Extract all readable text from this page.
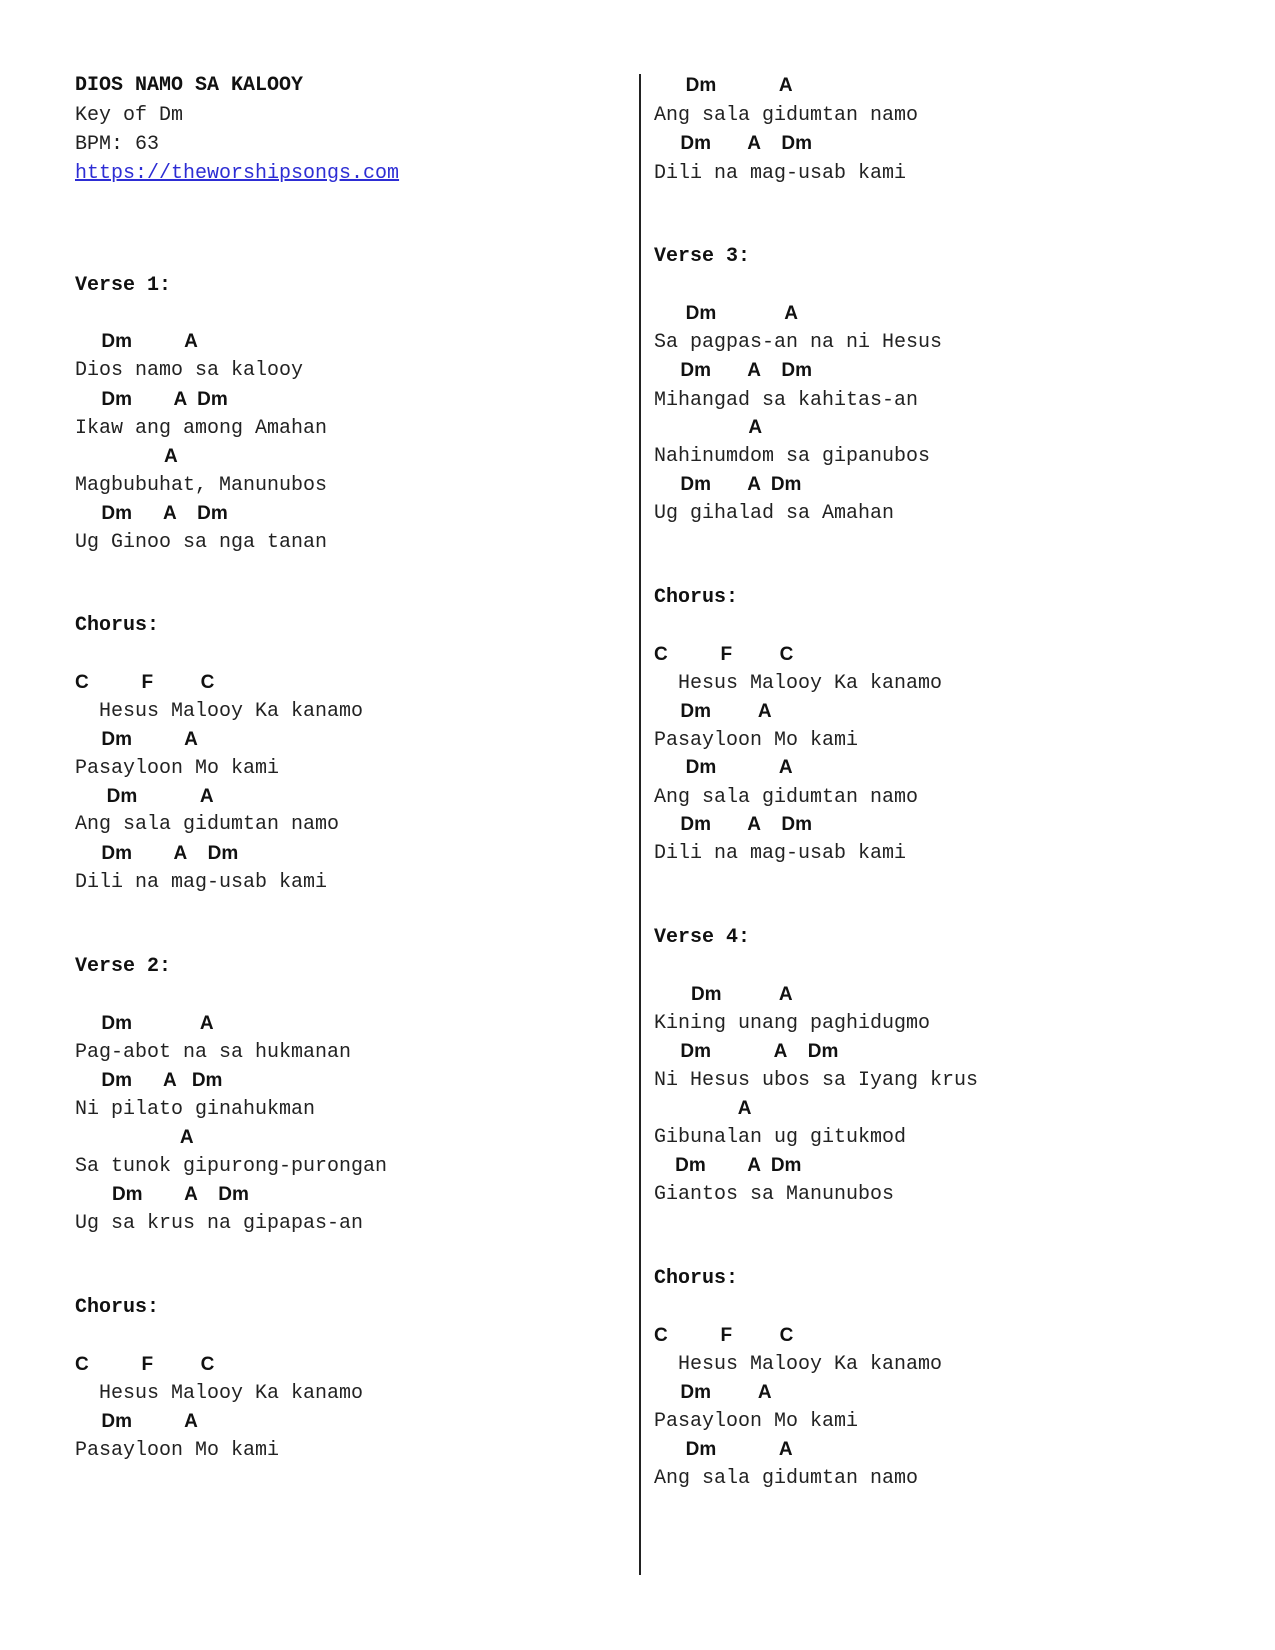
DIOS NAMO SA KALOOY
Key of Dm
BPM: 63
https://theworshipsongs.com
Verse 1:
Dm          A
Dios namo sa kalooy
Dm        A  Dm
Ikaw ang among Amahan
A
Magbubuhat, Manunubos
Dm      A    Dm
Ug Ginoo sa nga tanan
Chorus:
C          F         C
Hesus Malooy Ka kanamo
Dm          A
Pasayloon Mo kami
Dm            A
Ang sala gidumtan namo
Dm        A    Dm
Dili na mag-usab kami
Verse 2:
Dm             A
Pag-abot na sa hukmanan
Dm      A   Dm
Ni pilato ginahukman
A
Sa tunok gipurong-purongan
Dm        A    Dm
Ug sa krus na gipapas-an
Chorus:
C          F         C
Hesus Malooy Ka kanamo
Dm          A
Pasayloon Mo kami
Dm            A
Ang sala gidumtan namo
Dm       A    Dm
Dili na mag-usab kami
Verse 3:
Dm             A
Sa pagpas-an na ni Hesus
Dm       A    Dm
Mihangad sa kahitas-an
A
Nahinumdom sa gipanubos
Dm       A  Dm
Ug gihalad sa Amahan
Chorus:
C          F         C
Hesus Malooy Ka kanamo
Dm         A
Pasayloon Mo kami
Dm            A
Ang sala gidumtan namo
Dm       A    Dm
Dili na mag-usab kami
Verse 4:
Dm           A
Kining unang paghidugmo
Dm            A    Dm
Ni Hesus ubos sa Iyang krus
A
Gibunalan ug gitukmod
Dm        A  Dm
Giantos sa Manunubos
Chorus:
C          F         C
Hesus Malooy Ka kanamo
Dm         A
Pasayloon Mo kami
Dm            A
Ang sala gidumtan namo
